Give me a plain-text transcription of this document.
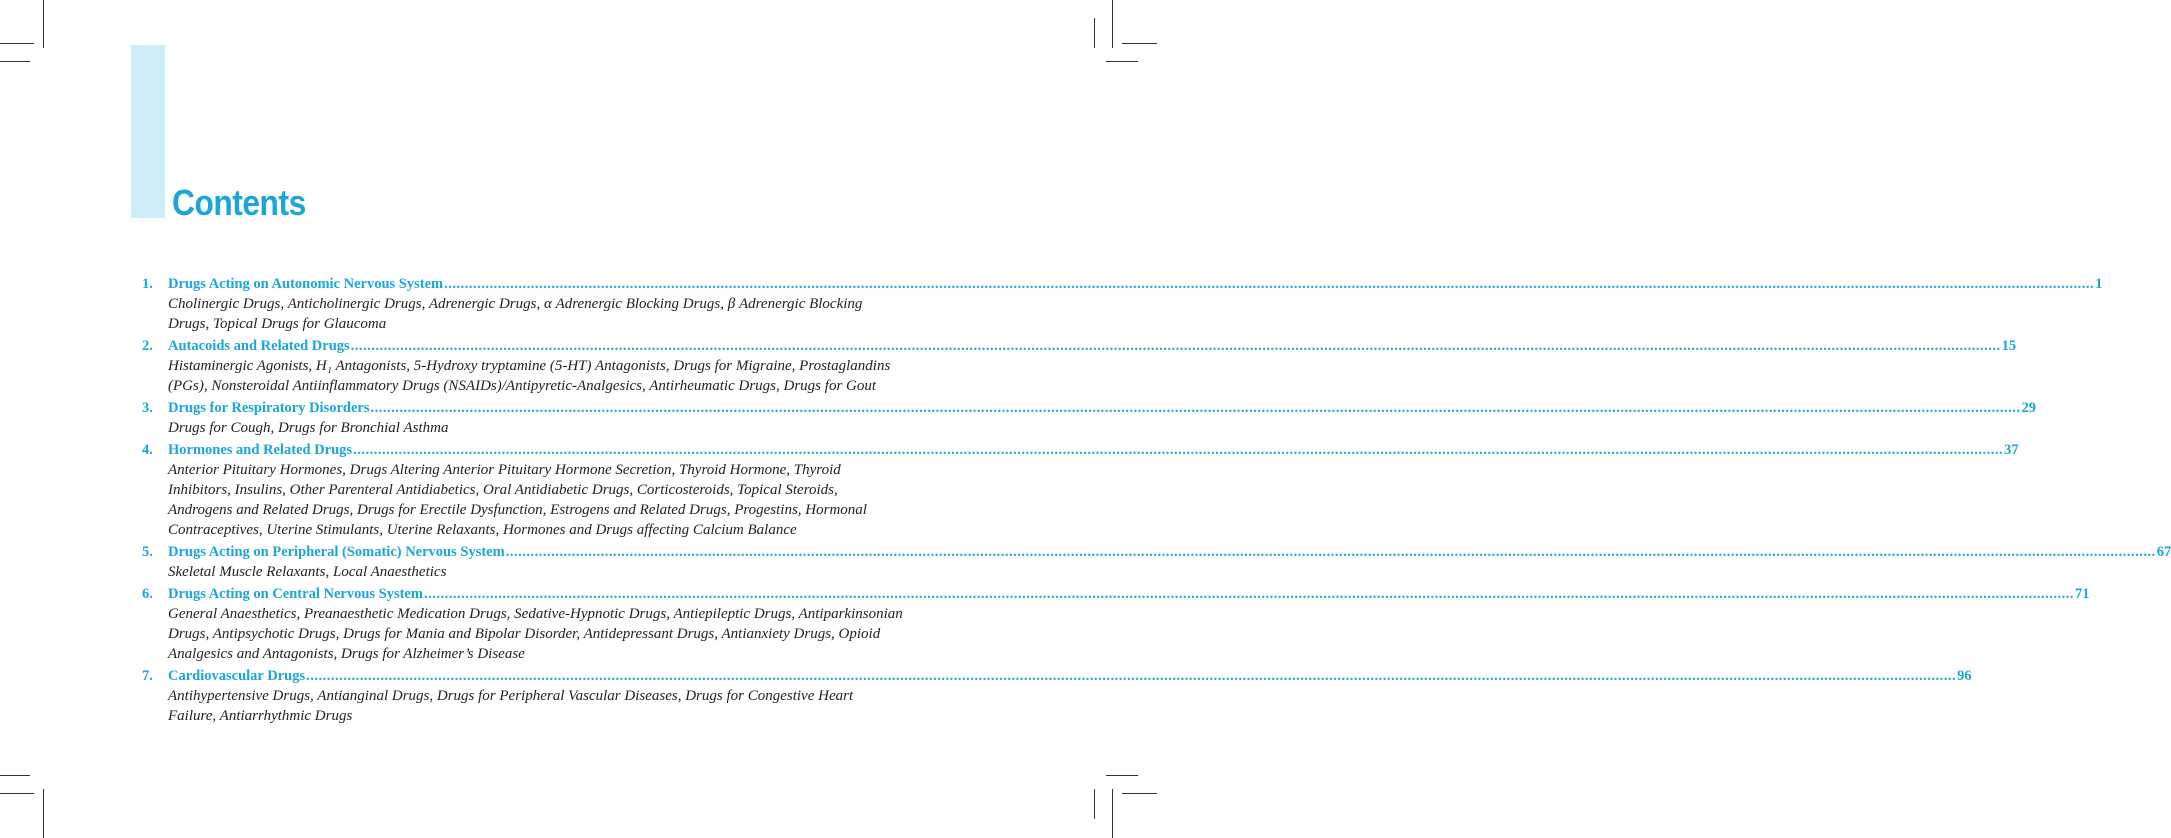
Contents
1.	Drugs Acting on Autonomic Nervous System ................................................................................................................................................................................................................................................................................................................................................................................................................ 1
Cholinergic Drugs, Anticholinergic Drugs, Adrenergic Drugs, α Adrenergic Blocking Drugs, β Adrenergic Blocking
Drugs, Topical Drugs for Glaucoma
2.	Autacoids and Related Drugs ................................................................................................................................................................................................................................................................................................................................................................................................................ 15
Histaminergic Agonists, H₁ Antagonists, 5-Hydroxy tryptamine (5-HT) Antagonists, Drugs for Migraine, Prostaglandins
(PGs), Nonsteroidal Antiinflammatory Drugs (NSAIDs)/Antipyretic-Analgesics, Antirheumatic Drugs, Drugs for Gout
3.	Drugs for Respiratory Disorders ................................................................................................................................................................................................................................................................................................................................................................................................................ 29
Drugs for Cough, Drugs for Bronchial Asthma
4.	Hormones and Related Drugs ................................................................................................................................................................................................................................................................................................................................................................................................................ 37
Anterior Pituitary Hormones, Drugs Altering Anterior Pituitary Hormone Secretion, Thyroid Hormone, Thyroid
Inhibitors, Insulins, Other Parenteral Antidiabetics, Oral Antidiabetic Drugs, Corticosteroids, Topical Steroids,
Androgens and Related Drugs, Drugs for Erectile Dysfunction, Estrogens and Related Drugs, Progestins, Hormonal
Contraceptives, Uterine Stimulants, Uterine Relaxants, Hormones and Drugs affecting Calcium Balance
5.	Drugs Acting on Peripheral (Somatic) Nervous System ................................................................................................................................................................................................................................................................................................................................................................................................................ 67
Skeletal Muscle Relaxants, Local Anaesthetics
6.	Drugs Acting on Central Nervous System ................................................................................................................................................................................................................................................................................................................................................................................................................ 71
General Anaesthetics, Preanaesthetic Medication Drugs, Sedative-Hypnotic Drugs, Antiepileptic Drugs, Antiparkinsonian
Drugs, Antipsychotic Drugs, Drugs for Mania and Bipolar Disorder, Antidepressant Drugs, Antianxiety Drugs, Opioid
Analgesics and Antagonists, Drugs for Alzheimer’s Disease
7.	Cardiovascular Drugs ................................................................................................................................................................................................................................................................................................................................................................................................................ 96
Antihypertensive Drugs, Antianginal Drugs, Drugs for Peripheral Vascular Diseases, Drugs for Congestive Heart
Failure, Antiarrhythmic Drugs
